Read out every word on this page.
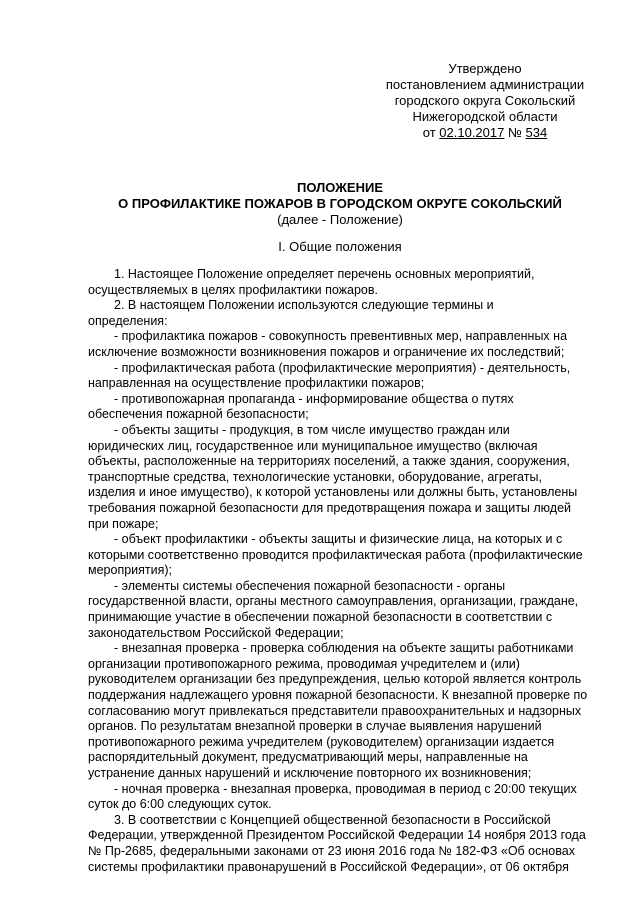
Утверждено
постановлением администрации
городского округа Сокольский
Нижегородской области
от 02.10.2017 № 534
ПОЛОЖЕНИЕ
О ПРОФИЛАКТИКЕ ПОЖАРОВ В ГОРОДСКОМ ОКРУГЕ СОКОЛЬСКИЙ
(далее - Положение)
I. Общие положения
1. Настоящее Положение определяет перечень основных мероприятий,
осуществляемых в целях профилактики пожаров.
2. В настоящем Положении используются следующие термины и
определения:
- профилактика пожаров - совокупность превентивных мер, направленных на
исключение возможности возникновения пожаров и ограничение их последствий;
- профилактическая работа (профилактические мероприятия) - деятельность,
направленная на осуществление профилактики пожаров;
- противопожарная пропаганда - информирование общества о путях
обеспечения пожарной безопасности;
- объекты защиты - продукция, в том числе имущество граждан или
юридических лиц, государственное или муниципальное имущество (включая
объекты, расположенные на территориях поселений, а также здания, сооружения,
транспортные средства, технологические установки, оборудование, агрегаты,
изделия и иное имущество), к которой установлены или должны быть, установлены
требования пожарной безопасности для предотвращения пожара и защиты людей
при пожаре;
- объект профилактики - объекты защиты и физические лица, на которых и с
которыми соответственно проводится профилактическая работа (профилактические
мероприятия);
- элементы системы обеспечения пожарной безопасности - органы
государственной власти, органы местного самоуправления, организации, граждане,
принимающие участие в обеспечении пожарной безопасности в соответствии с
законодательством Российской Федерации;
- внезапная проверка - проверка соблюдения на объекте защиты работниками
организации противопожарного режима, проводимая учредителем и (или)
руководителем организации без предупреждения, целью которой является контроль
поддержания надлежащего уровня пожарной безопасности. К внезапной проверке по
согласованию могут привлекаться представители правоохранительных и надзорных
органов. По результатам внезапной проверки в случае выявления нарушений
противопожарного режима учредителем (руководителем) организации издается
распорядительный документ, предусматривающий меры, направленные на
устранение данных нарушений и исключение повторного их возникновения;
- ночная проверка - внезапная проверка, проводимая в период с 20:00 текущих
суток до 6:00 следующих суток.
3. В соответствии с Концепцией общественной безопасности в Российской
Федерации, утвержденной Президентом Российской Федерации 14 ноября 2013 года
№ Пр-2685, федеральными законами от 23 июня 2016 года № 182-ФЗ «Об основах
системы профилактики правонарушений в Российской Федерации», от 06 октября
